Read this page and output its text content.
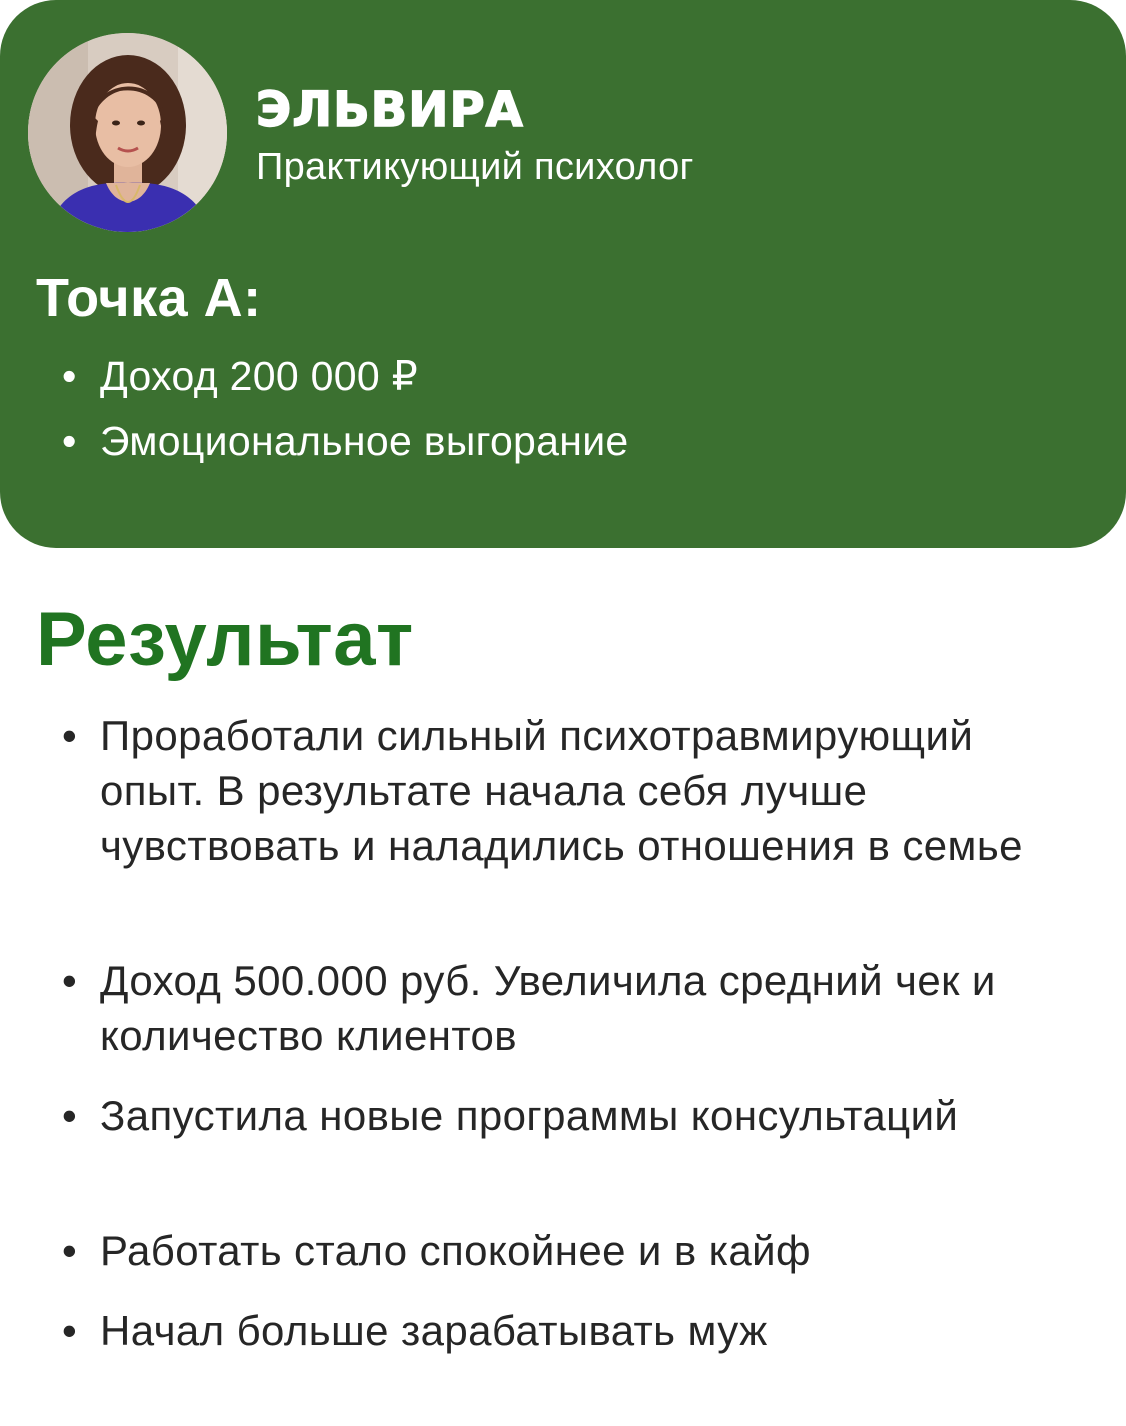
ЭЛЬВИРА
Практикующий психолог
Точка А:
• Доход 200 000 ₽
• Эмоциональное выгорание
Результат
• Проработали сильный психотравмирующий опыт. В результате начала себя лучше чувствовать и наладились отношения в семье
• Доход 500.000 руб. Увеличила средний чек и количество клиентов
• Запустила новые программы консультаций
• Работать стало спокойнее и в кайф
• Начал больше зарабатывать муж
